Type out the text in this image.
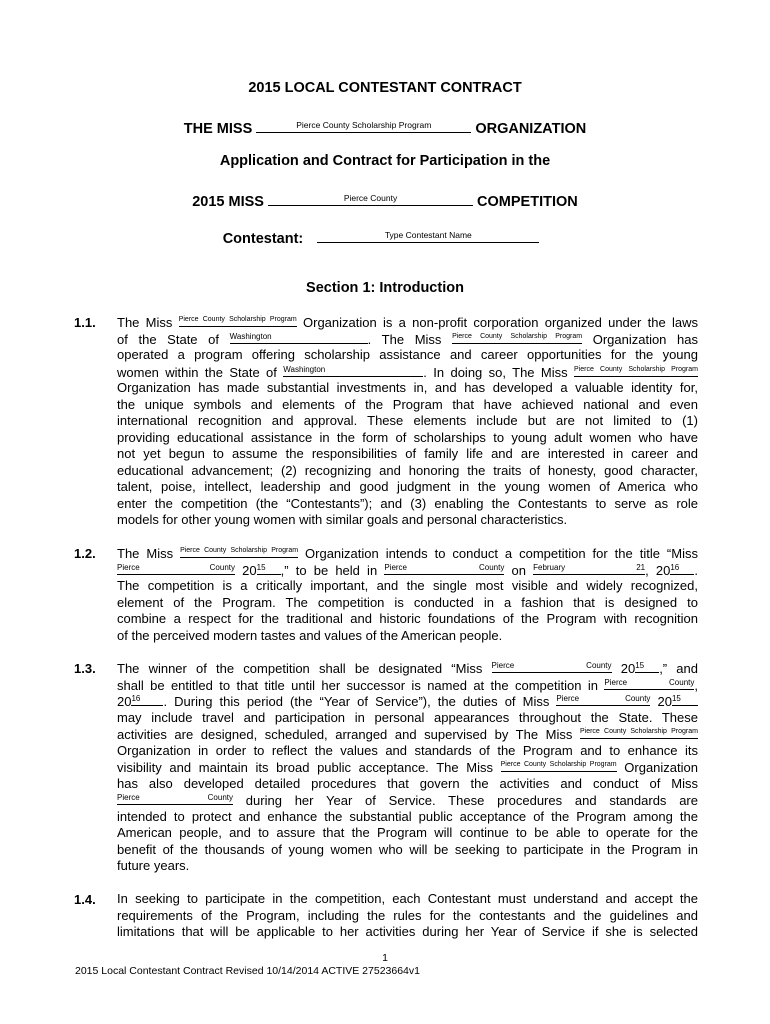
2015 LOCAL CONTESTANT CONTRACT
THE MISS	Pierce County Scholarship Program	ORGANIZATION
Application and Contract for Participation in the
2015 MISS	Pierce County	COMPETITION
Contestant:	Type Contestant Name
Section 1: Introduction
1.1. The Miss Pierce County Scholarship Program Organization is a non-profit corporation organized under the laws
of the State of Washington	. The Miss Pierce County Scholarship Program Organization has
operated a program offering scholarship assistance and career opportunities for the young
women within the State of Washington	. In doing so, The Miss Pierce County Scholarship Program
Organization has made substantial investments in, and has developed a valuable identity for,
the unique symbols and elements of the Program that have achieved national and even
international recognition and approval. These elements include but are not limited to (1)
providing educational assistance in the form of scholarships to young adult women who have
not yet begun to assume the responsibilities of family life and are interested in career and
educational advancement; (2) recognizing and honoring the traits of honesty, good character,
talent, poise, intellect, leadership and good judgment in the young women of America who
enter the competition (the “Contestants”); and (3) enabling the Contestants to serve as role
models for other young women with similar goals and personal characteristics.
1.2. The Miss Pierce County Scholarship Program Organization intends to conduct a competition for the title “Miss
Pierce County 20 15	,” to be held in Pierce County on February 21 , 20 16	.
The competition is a critically important, and the single most visible and widely recognized,
element of the Program. The competition is conducted in a fashion that is designed to
combine a respect for the traditional and historic foundations of the Program with recognition
of the perceived modern tastes and values of the American people.
1.3. The winner of the competition shall be designated “Miss Pierce County 20 15	,” and
shall be entitled to that title until her successor is named at the competition in Pierce County ,
20 16	. During this period (the “Year of Service”), the duties of Miss Pierce County 20 15
may include travel and participation in personal appearances throughout the State. These
activities are designed, scheduled, arranged and supervised by The Miss Pierce County Scholarship Program
Organization in order to reflect the values and standards of the Program and to enhance its
visibility and maintain its broad public acceptance. The Miss Pierce County Scholarship Program Organization
has also developed detailed procedures that govern the activities and conduct of Miss
Pierce County during her Year of Service. These procedures and standards are
intended to protect and enhance the substantial public acceptance of the Program among the
American people, and to assure that the Program will continue to be able to operate for the
benefit of the thousands of young women who will be seeking to participate in the Program in
future years.
1.4. In seeking to participate in the competition, each Contestant must understand and accept the
requirements of the Program, including the rules for the contestants and the guidelines and
limitations that will be applicable to her activities during her Year of Service if she is selected
1
2015 Local Contestant Contract Revised 10/14/2014 ACTIVE 27523664v1
